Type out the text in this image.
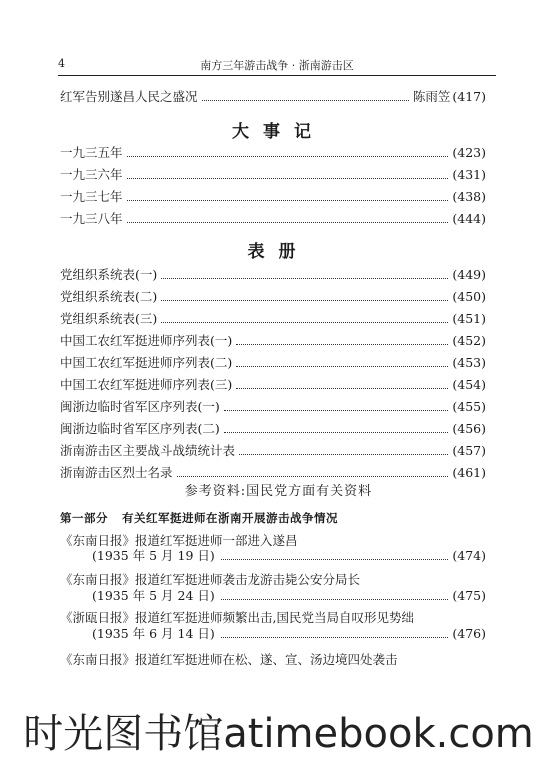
4	南方三年游击战争 · 浙南游击区
红军告别遂昌人民之盛况	陈雨笠 (417)
大事记
一九三五年	(423)
一九三六年	(431)
一九三七年	(438)
一九三八年	(444)
表册
党组织系统表(一)	(449)
党组织系统表(二)	(450)
党组织系统表(三)	(451)
中国工农红军挺进师序列表(一)	(452)
中国工农红军挺进师序列表(二)	(453)
中国工农红军挺进师序列表(三)	(454)
闽浙边临时省军区序列表(一)	(455)
闽浙边临时省军区序列表(二)	(456)
浙南游击区主要战斗战绩统计表	(457)
浙南游击区烈士名录	(461)
参考资料:国民党方面有关资料
第一部分 有关红军挺进师在浙南开展游击战争情况
《东南日报》报道红军挺进师一部进入遂昌
(1935 年 5 月 19 日)	(474)
《东南日报》报道红军挺进师袭击龙游击毙公安分局长
(1935 年 5 月 24 日)	(475)
《浙瓯日报》报道红军挺进师频繁出击,国民党当局自叹形见势绌
(1935 年 6 月 14 日)	(476)
《东南日报》报道红军挺进师在松、遂、宣、汤边境四处袭击
时光图书馆atimebook.com
